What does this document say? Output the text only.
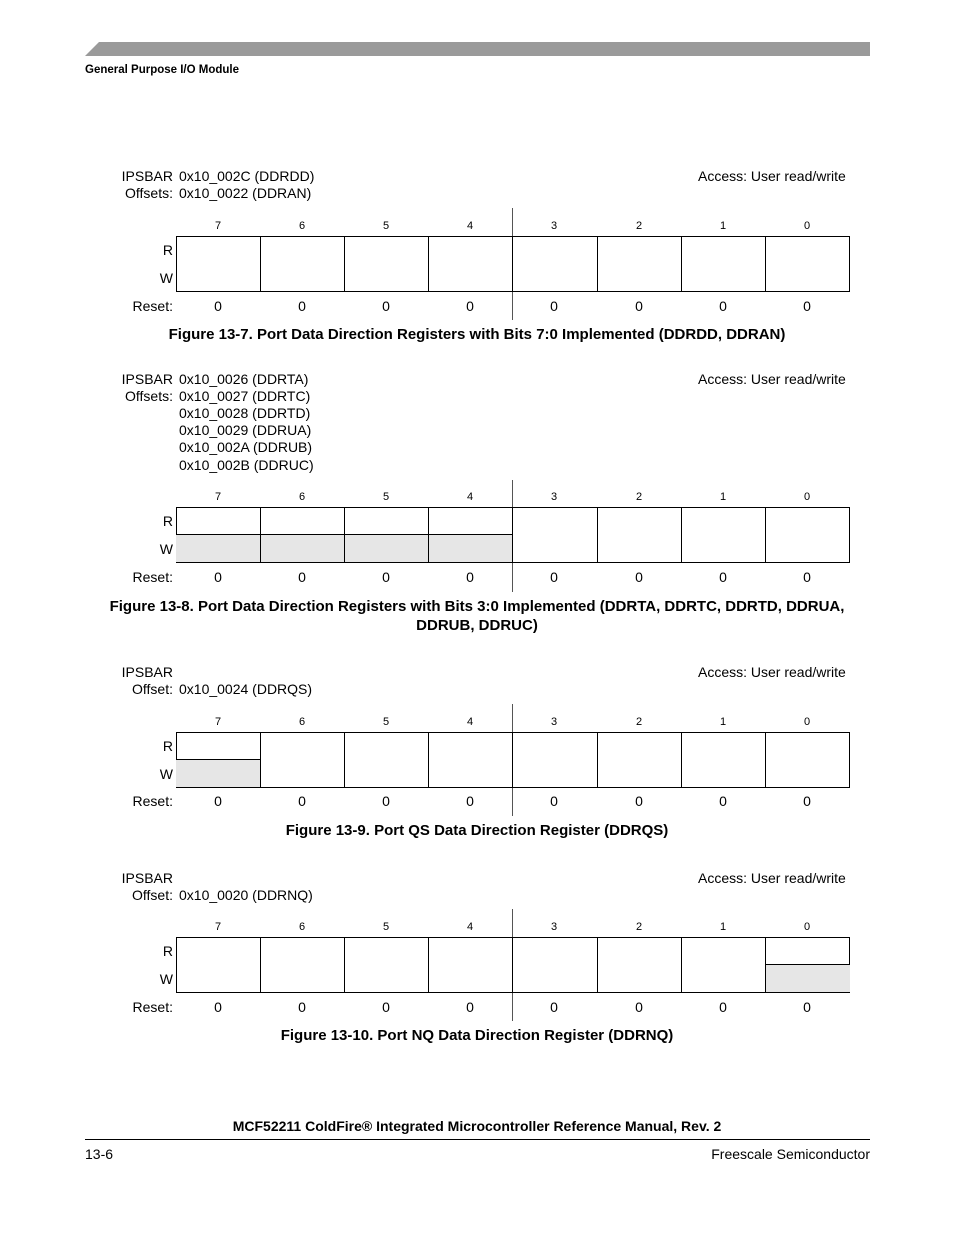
General Purpose I/O Module
IPSBAR
Offsets:
0x10_002C (DDRDD)
0x10_0022 (DDRAN)
Access: User read/write
7	6	5	4	3	2	1	0
R
W
Reset:	0	0	0	0	0	0	0	0
Figure 13-7. Port Data Direction Registers with Bits 7:0 Implemented (DDRDD, DDRAN)
IPSBAR
Offsets:
0x10_0026 (DDRTA)
0x10_0027 (DDRTC)
0x10_0028 (DDRTD)
0x10_0029 (DDRUA)
0x10_002A (DDRUB)
0x10_002B (DDRUC)
Access: User read/write
7	6	5	4	3	2	1	0
R
W
Reset:	0	0	0	0	0	0	0	0
Figure 13-8. Port Data Direction Registers with Bits 3:0 Implemented (DDRTA, DDRTC, DDRTD, DDRUA,
DDRUB, DDRUC)
IPSBAR
Offset: 0x10_0024 (DDRQS)
Access: User read/write
7	6	5	4	3	2	1	0
R
W
Reset:	0	0	0	0	0	0	0	0
Figure 13-9. Port QS Data Direction Register (DDRQS)
IPSBAR
Offset: 0x10_0020 (DDRNQ)
Access: User read/write
7	6	5	4	3	2	1	0
R
W
Reset:	0	0	0	0	0	0	0	0
Figure 13-10. Port NQ Data Direction Register (DDRNQ)
MCF52211 ColdFire® Integrated Microcontroller Reference Manual, Rev. 2
13-6	Freescale Semiconductor
